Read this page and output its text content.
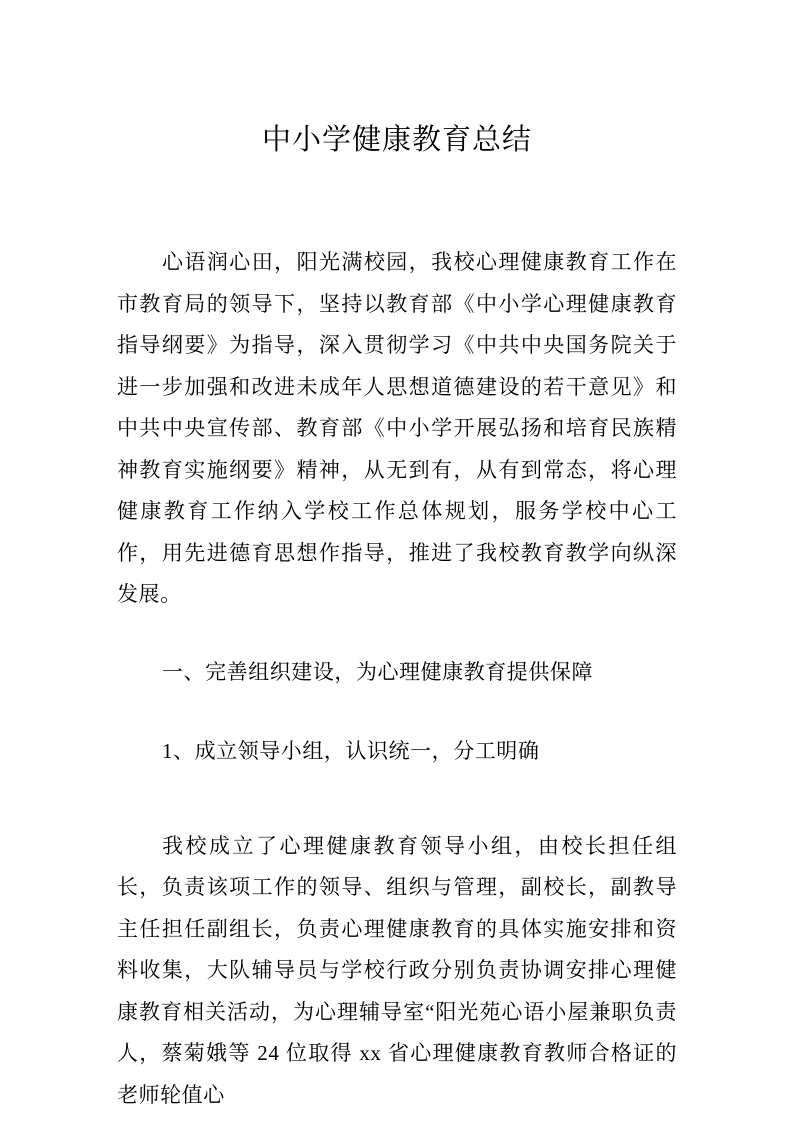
中小学健康教育总结

心语润心田，阳光满校园，我校心理健康教育工作在市教育局的领导下，坚持以教育部《中小学心理健康教育指导纲要》为指导，深入贯彻学习《中共中央国务院关于进一步加强和改进未成年人思想道德建设的若干意见》和中共中央宣传部、教育部《中小学开展弘扬和培育民族精神教育实施纲要》精神，从无到有，从有到常态，将心理健康教育工作纳入学校工作总体规划，服务学校中心工作，用先进德育思想作指导，推进了我校教育教学向纵深发展。

一、完善组织建设，为心理健康教育提供保障

1、成立领导小组，认识统一，分工明确

我校成立了心理健康教育领导小组，由校长担任组长，负责该项工作的领导、组织与管理，副校长，副教导主任担任副组长，负责心理健康教育的具体实施安排和资料收集，大队辅导员与学校行政分别负责协调安排心理健康教育相关活动，为心理辅导室“阳光苑心语小屋兼职负责人，蔡菊娥等 24 位取得 xx 省心理健康教育教师合格证的老师轮值心
